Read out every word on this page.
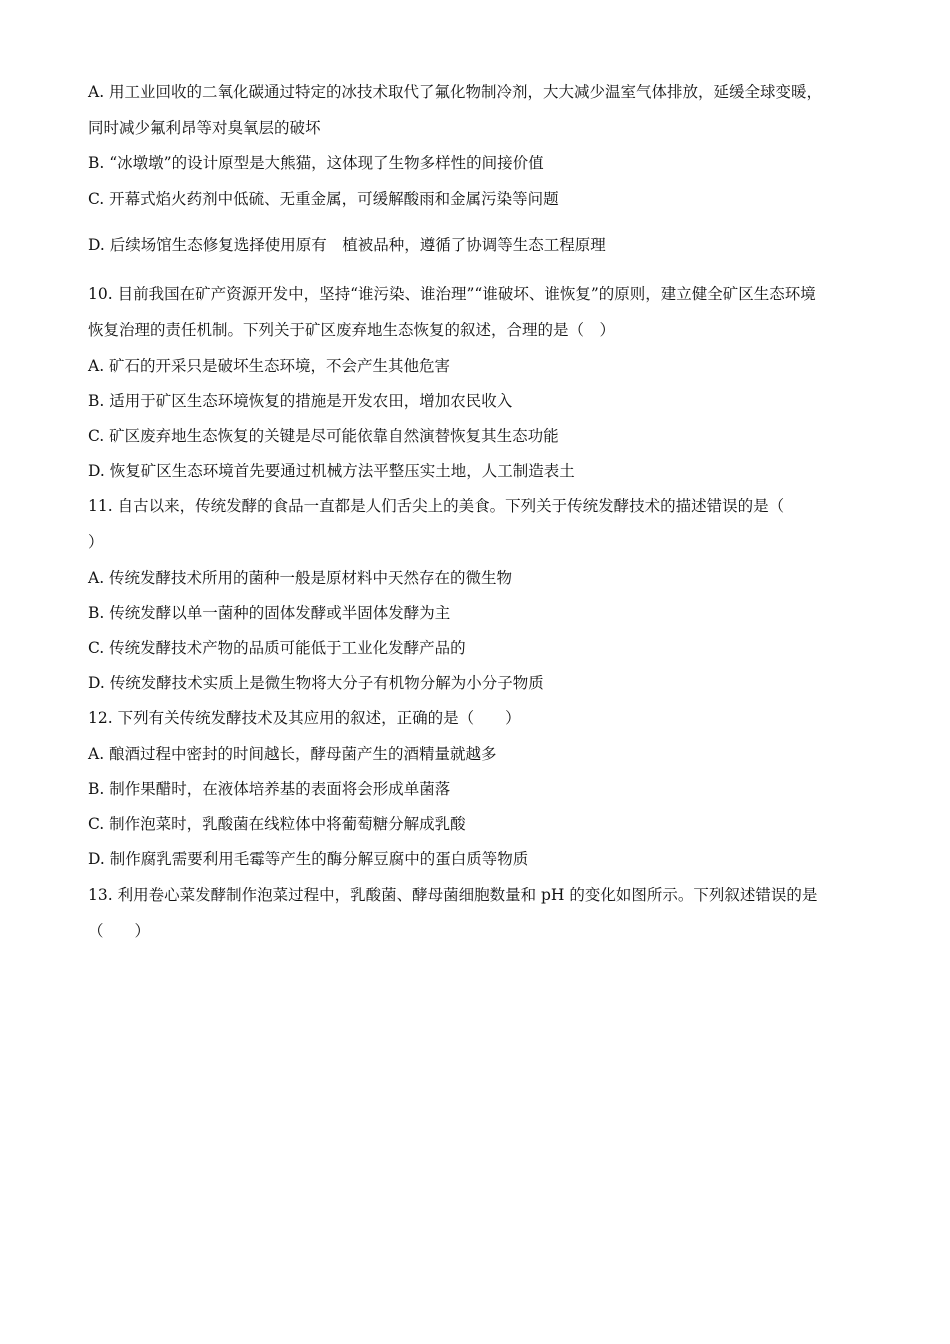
A. 用工业回收的二氧化碳通过特定的冰技术取代了氟化物制冷剂，大大减少温室气体排放，延缓全球变暖，
同时减少氟利昂等对臭氧层的破坏
B. “冰墩墩”的设计原型是大熊猫，这体现了生物多样性的间接价值
C. 开幕式焰火药剂中低硫、无重金属，可缓解酸雨和金属污染等问题
D. 后续场馆生态修复选择使用原有　植被品种，遵循了协调等生态工程原理
10. 目前我国在矿产资源开发中，坚持“谁污染、谁治理”“谁破坏、谁恢复”的原则，建立健全矿区生态环境
恢复治理的责任机制。下列关于矿区废弃地生态恢复的叙述，合理的是（　）
A. 矿石的开采只是破坏生态环境，不会产生其他危害
B. 适用于矿区生态环境恢复的措施是开发农田，增加农民收入
C. 矿区废弃地生态恢复的关键是尽可能依靠自然演替恢复其生态功能
D. 恢复矿区生态环境首先要通过机械方法平整压实土地，人工制造表土
11. 自古以来，传统发酵的食品一直都是人们舌尖上的美食。下列关于传统发酵技术的描述错误的是（
）
A. 传统发酵技术所用的菌种一般是原材料中天然存在的微生物
B. 传统发酵以单一菌种的固体发酵或半固体发酵为主
C. 传统发酵技术产物的品质可能低于工业化发酵产品的
D. 传统发酵技术实质上是微生物将大分子有机物分解为小分子物质
12. 下列有关传统发酵技术及其应用的叙述，正确的是（　　）
A. 酿酒过程中密封的时间越长，酵母菌产生的酒精量就越多
B. 制作果醋时，在液体培养基的表面将会形成单菌落
C. 制作泡菜时，乳酸菌在线粒体中将葡萄糖分解成乳酸
D. 制作腐乳需要利用毛霉等产生的酶分解豆腐中的蛋白质等物质
13. 利用卷心菜发酵制作泡菜过程中，乳酸菌、酵母菌细胞数量和 pH 的变化如图所示。下列叙述错误的是
（　　）
